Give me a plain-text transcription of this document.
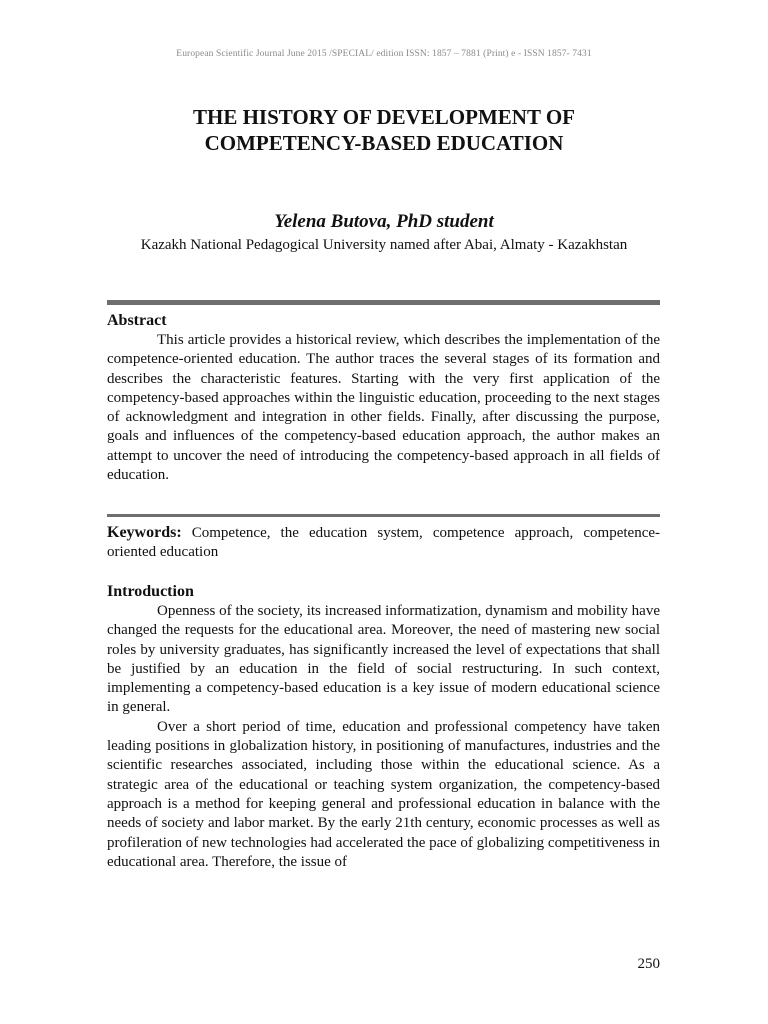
European Scientific Journal June 2015 /SPECIAL/ edition ISSN: 1857 – 7881 (Print) e - ISSN 1857- 7431
THE HISTORY OF DEVELOPMENT OF
COMPETENCY-BASED EDUCATION
Yelena Butova, PhD student
Kazakh National Pedagogical University named after Abai, Almaty - Kazakhstan
Abstract

This article provides a historical review, which describes the implementation of the competence-oriented education. The author traces the several stages of its formation and describes the characteristic features. Starting with the very first application of the competency-based approaches within the linguistic education, proceeding to the next stages of acknowledgment and integration in other fields. Finally, after discussing the purpose, goals and influences of the competency-based education approach, the author makes an attempt to uncover the need of introducing the competency-based approach in all fields of education.

Keywords: Competence, the education system, competence approach, competence-oriented education

Introduction

Openness of the society, its increased informatization, dynamism and mobility have changed the requests for the educational area. Moreover, the need of mastering new social roles by university graduates, has significantly increased the level of expectations that shall be justified by an education in the field of social restructuring. In such context, implementing a competency-based education is a key issue of modern educational science in general.

Over a short period of time, education and professional competency have taken leading positions in globalization history, in positioning of manufactures, industries and the scientific researches associated, including those within the educational science. As a strategic area of the educational or teaching system organization, the competency-based approach is a method for keeping general and professional education in balance with the needs of society and labor market. By the early 21th century, economic processes as well as profileration of new technologies had accelerated the pace of globalizing competitiveness in educational area. Therefore, the issue of

250
